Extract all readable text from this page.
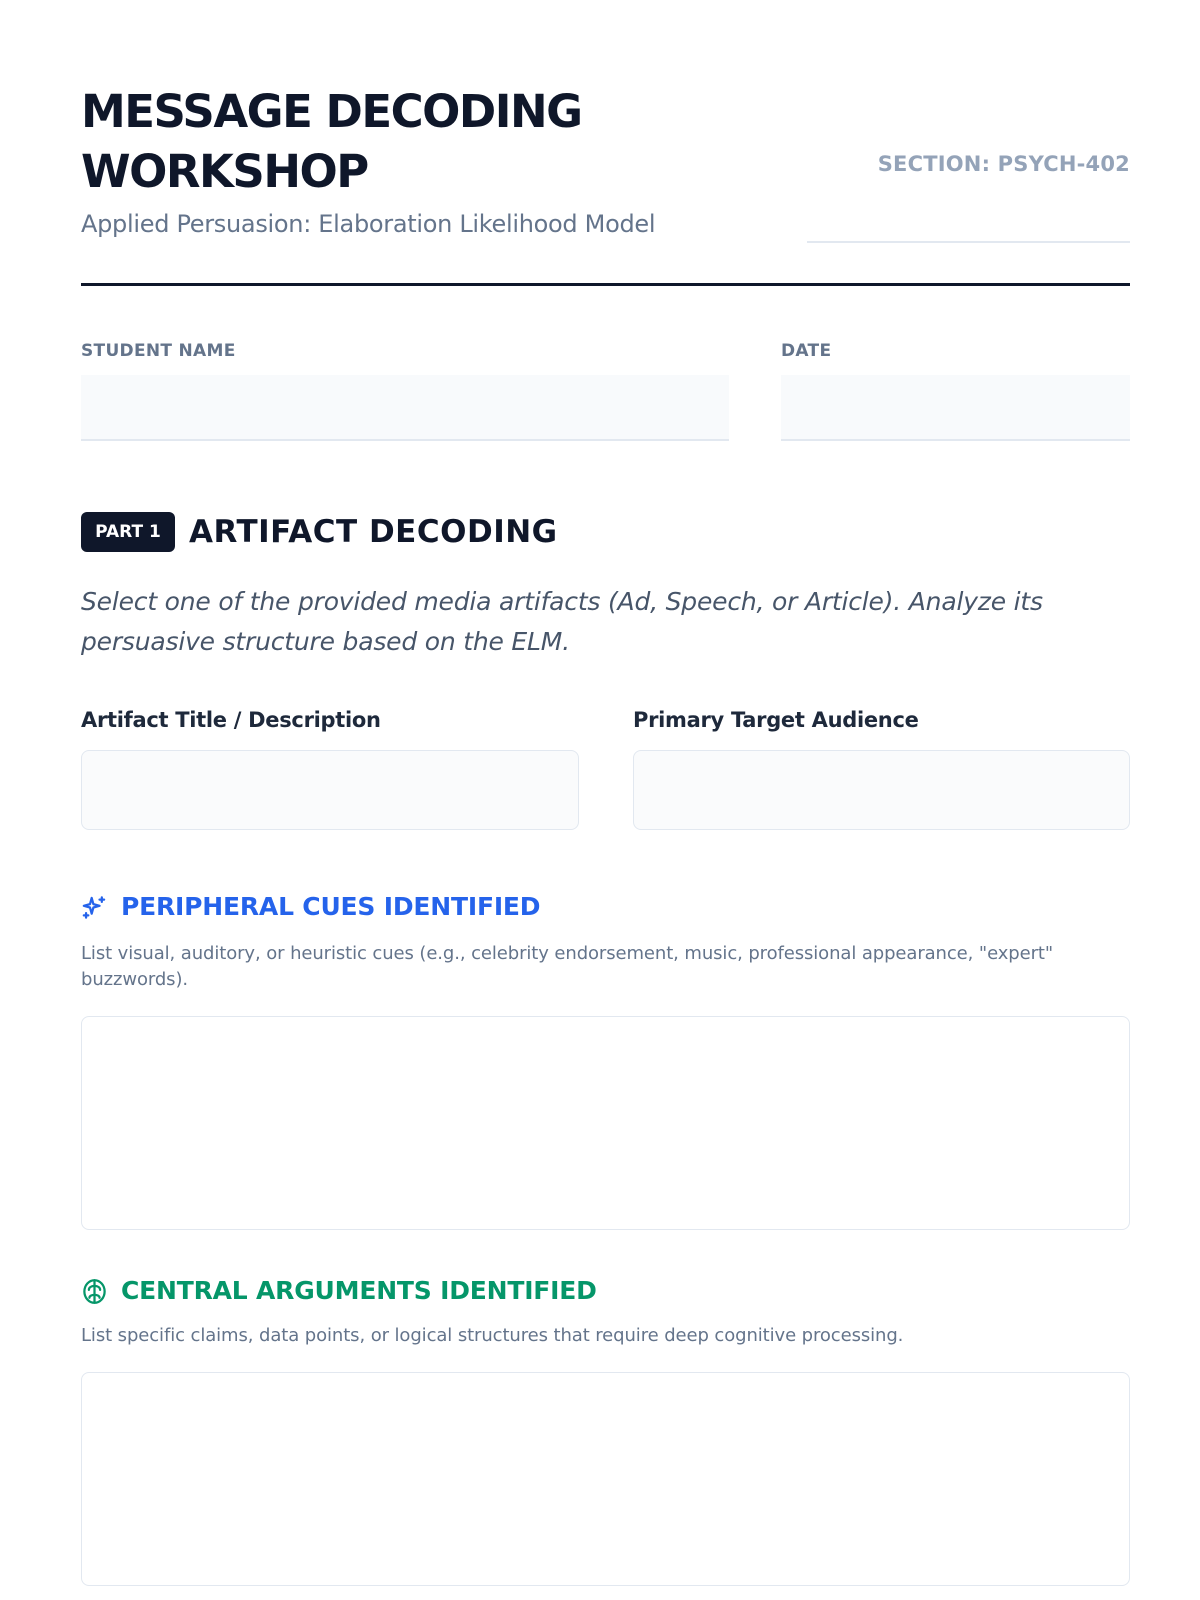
MESSAGE DECODING WORKSHOP
Applied Persuasion: Elaboration Likelihood Model
SECTION: PSYCH-402
STUDENT NAME	DATE
PART 1 ARTIFACT DECODING

Select one of the provided media artifacts (Ad, Speech, or Article). Analyze its persuasive structure based on the ELM.

Artifact Title / Description	Primary Target Audience
PERIPHERAL CUES IDENTIFIED
List visual, auditory, or heuristic cues (e.g., celebrity endorsement, music, professional appearance, "expert" buzzwords).
CENTRAL ARGUMENTS IDENTIFIED
List specific claims, data points, or logical structures that require deep cognitive processing.
